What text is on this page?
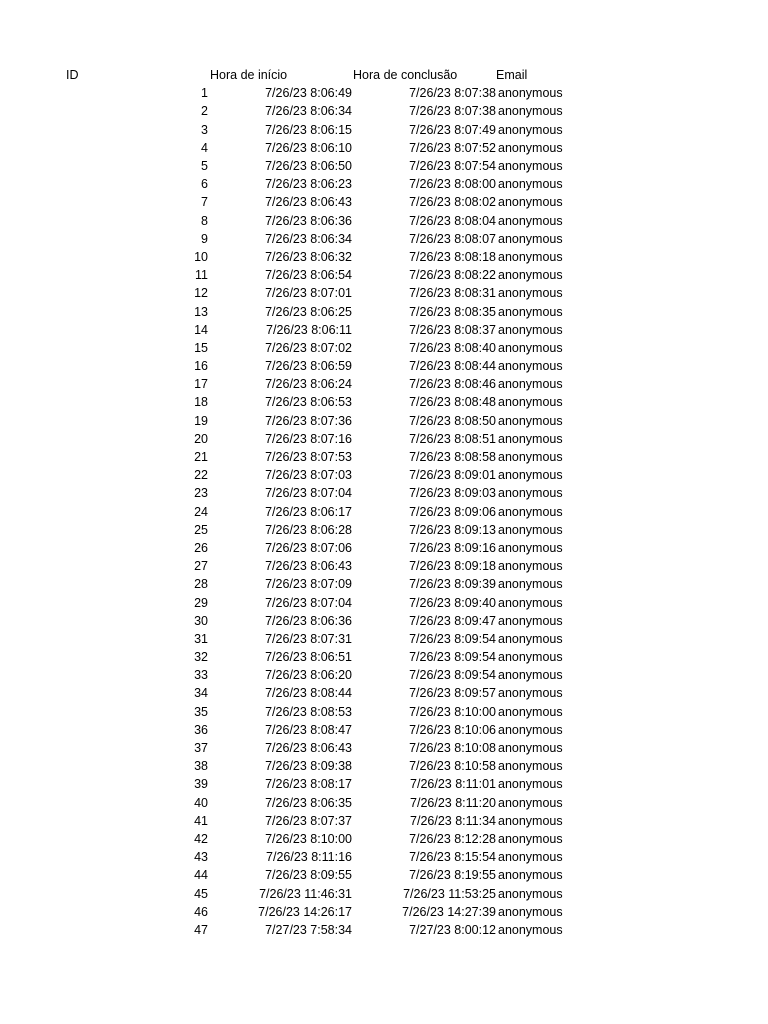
ID	Hora de início	Hora de conclusão	Email
1	7/26/23 8:06:49	7/26/23 8:07:38	anonymous
2	7/26/23 8:06:34	7/26/23 8:07:38	anonymous
3	7/26/23 8:06:15	7/26/23 8:07:49	anonymous
4	7/26/23 8:06:10	7/26/23 8:07:52	anonymous
5	7/26/23 8:06:50	7/26/23 8:07:54	anonymous
6	7/26/23 8:06:23	7/26/23 8:08:00	anonymous
7	7/26/23 8:06:43	7/26/23 8:08:02	anonymous
8	7/26/23 8:06:36	7/26/23 8:08:04	anonymous
9	7/26/23 8:06:34	7/26/23 8:08:07	anonymous
10	7/26/23 8:06:32	7/26/23 8:08:18	anonymous
11	7/26/23 8:06:54	7/26/23 8:08:22	anonymous
12	7/26/23 8:07:01	7/26/23 8:08:31	anonymous
13	7/26/23 8:06:25	7/26/23 8:08:35	anonymous
14	7/26/23 8:06:11	7/26/23 8:08:37	anonymous
15	7/26/23 8:07:02	7/26/23 8:08:40	anonymous
16	7/26/23 8:06:59	7/26/23 8:08:44	anonymous
17	7/26/23 8:06:24	7/26/23 8:08:46	anonymous
18	7/26/23 8:06:53	7/26/23 8:08:48	anonymous
19	7/26/23 8:07:36	7/26/23 8:08:50	anonymous
20	7/26/23 8:07:16	7/26/23 8:08:51	anonymous
21	7/26/23 8:07:53	7/26/23 8:08:58	anonymous
22	7/26/23 8:07:03	7/26/23 8:09:01	anonymous
23	7/26/23 8:07:04	7/26/23 8:09:03	anonymous
24	7/26/23 8:06:17	7/26/23 8:09:06	anonymous
25	7/26/23 8:06:28	7/26/23 8:09:13	anonymous
26	7/26/23 8:07:06	7/26/23 8:09:16	anonymous
27	7/26/23 8:06:43	7/26/23 8:09:18	anonymous
28	7/26/23 8:07:09	7/26/23 8:09:39	anonymous
29	7/26/23 8:07:04	7/26/23 8:09:40	anonymous
30	7/26/23 8:06:36	7/26/23 8:09:47	anonymous
31	7/26/23 8:07:31	7/26/23 8:09:54	anonymous
32	7/26/23 8:06:51	7/26/23 8:09:54	anonymous
33	7/26/23 8:06:20	7/26/23 8:09:54	anonymous
34	7/26/23 8:08:44	7/26/23 8:09:57	anonymous
35	7/26/23 8:08:53	7/26/23 8:10:00	anonymous
36	7/26/23 8:08:47	7/26/23 8:10:06	anonymous
37	7/26/23 8:06:43	7/26/23 8:10:08	anonymous
38	7/26/23 8:09:38	7/26/23 8:10:58	anonymous
39	7/26/23 8:08:17	7/26/23 8:11:01	anonymous
40	7/26/23 8:06:35	7/26/23 8:11:20	anonymous
41	7/26/23 8:07:37	7/26/23 8:11:34	anonymous
42	7/26/23 8:10:00	7/26/23 8:12:28	anonymous
43	7/26/23 8:11:16	7/26/23 8:15:54	anonymous
44	7/26/23 8:09:55	7/26/23 8:19:55	anonymous
45	7/26/23 11:46:31	7/26/23 11:53:25	anonymous
46	7/26/23 14:26:17	7/26/23 14:27:39	anonymous
47	7/27/23 7:58:34	7/27/23 8:00:12	anonymous
